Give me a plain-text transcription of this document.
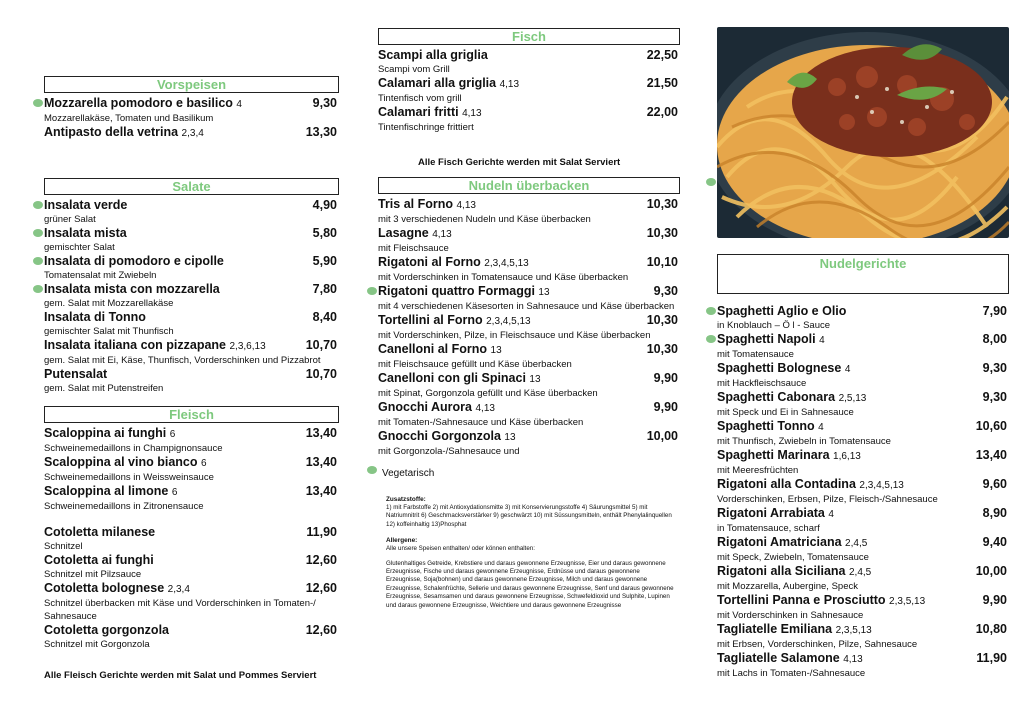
Vorspeisen
Mozzarella pomodoro e basilico 4	9,30
Mozzarellakäse, Tomaten und Basilikum
Antipasto della vetrina 2,3,4	13,30
Salate
Insalata verde	4,90
grüner Salat
Insalata mista	5,80
gemischter Salat
Insalata di pomodoro e cipolle	5,90
Tomatensalat mit Zwiebeln
Insalata mista con mozzarella	7,80
gem. Salat mit Mozzarellakäse
Insalata di Tonno	8,40
gemischter Salat mit Thunfisch
Insalata italiana con pizzapane 2,3,6,13	10,70
gem. Salat mit Ei, Käse, Thunfisch, Vorderschinken und Pizzabrot
Putensalat	10,70
gem. Salat mit Putenstreifen
Fleisch
Scaloppina ai funghi 6	13,40
Schweinemedaillons in Champignonsauce
Scaloppina al vino bianco 6	13,40
Schweinemedaillons in Weissweinsauce
Scaloppina al limone 6	13,40
Schweinemedaillons in Zitronensauce
Cotoletta milanese	11,90
Schnitzel
Cotoletta ai funghi	12,60
Schnitzel mit Pilzsauce
Cotoletta bolognese 2,3,4	12,60
Schnitzel überbacken mit Käse und Vorderschinken in Tomaten-/ Sahnesauce
Cotoletta gorgonzola	12,60
Schnitzel mit Gorgonzola
Alle Fleisch Gerichte werden mit Salat und Pommes Serviert
Fisch
Scampi alla griglia	22,50
Scampi vom Grill
Calamari alla griglia 4,13	21,50
Tintenfisch vom grill
Calamari fritti 4,13	22,00
Tintenfischringe frittiert
Alle Fisch Gerichte werden mit Salat Serviert
Nudeln überbacken
Tris al Forno 4,13	10,30
mit 3 verschiedenen Nudeln und Käse überbacken
Lasagne 4,13	10,30
mit Fleischsauce
Rigatoni al Forno 2,3,4,5,13	10,10
mit Vorderschinken in Tomatensauce und Käse überbacken
Rigatoni quattro Formaggi 13	9,30
mit 4 verschiedenen Käsesorten in Sahnesauce und Käse überbacken
Tortellini al Forno 2,3,4,5,13	10,30
mit Vorderschinken, Pilze, in Fleischsauce und Käse überbacken
Canelloni al Forno 13	10,30
mit Fleischsauce gefüllt und Käse überbacken
Canelloni con gli Spinaci 13	9,90
mit Spinat, Gorgonzola gefüllt und Käse überbacken
Gnocchi Aurora 4,13	9,90
mit Tomaten-/Sahnesauce und Käse überbacken
Gnocchi Gorgonzola 13	10,00
mit Gorgonzola-/Sahnesauce und
Vegetarisch
Zusatzstoffe:
1) mit Farbstoffe 2) mit Antioxydationsmitte 3) mit Konservierungsstoffe 4) Säurungsmittel 5) mit Natriumnitrit 6) Geschmacksverstärker 9) geschwärzt 10) mit Süssungsmitteln, enthält Phenylalinquellen 12) koffeinhaltig 13)Phosphat
Allergene:
Alle unsere Speisen enthalten/ oder können enthalten:
Glutenhaltiges Getreide, Krebstiere und daraus gewonnene Erzeugnisse, Eier und daraus gewonnene Erzeugnisse, Fische und daraus gewonnene Erzeugnisse, Erdnüsse und daraus gewonnene Erzeugnisse, Soja(bohnen) und daraus gewonnene Erzeugnisse, Milch und daraus gewonnene Erzeugnisse, Schalenfrüchte, Sellerie und daraus gewonnene Erzeugnisse, Senf und daraus gewonnene Erzeugnisse, Sesamsamen und daraus gewonnene Erzeugnisse, Schwefeldioxid und Sulphite, Lupinen und daraus gewonnene Erzeugnisse, Weichtiere und daraus gewonnene Erzeugnisse
Nudelgerichte
Spaghetti Aglio e Olio	7,90
in Knoblauch – Ö l - Sauce
Spaghetti Napoli 4	8,00
mit Tomatensauce
Spaghetti Bolognese 4	9,30
mit Hackfleischsauce
Spaghetti Cabonara 2,5,13	9,30
mit Speck und Ei in Sahnesauce
Spaghetti Tonno 4	10,60
mit Thunfisch, Zwiebeln in Tomatensauce
Spaghetti Marinara 1,6,13	13,40
mit Meeresfrüchten
Rigatoni alla Contadina 2,3,4,5,13	9,60
Vorderschinken, Erbsen, Pilze, Fleisch-/Sahnesauce
Rigatoni Arrabiata 4	8,90
in Tomatensauce, scharf
Rigatoni Amatriciana 2,4,5	9,40
mit Speck, Zwiebeln, Tomatensauce
Rigatoni alla Siciliana 2,4,5	10,00
mit Mozzarella, Aubergine, Speck
Tortellini Panna e Prosciutto 2,3,5,13	9,90
mit Vorderschinken in Sahnesauce
Tagliatelle Emiliana 2,3,5,13	10,80
mit Erbsen, Vorderschinken, Pilze, Sahnesauce
Tagliatelle Salamone 4,13	11,90
mit Lachs in Tomaten-/Sahnesauce
